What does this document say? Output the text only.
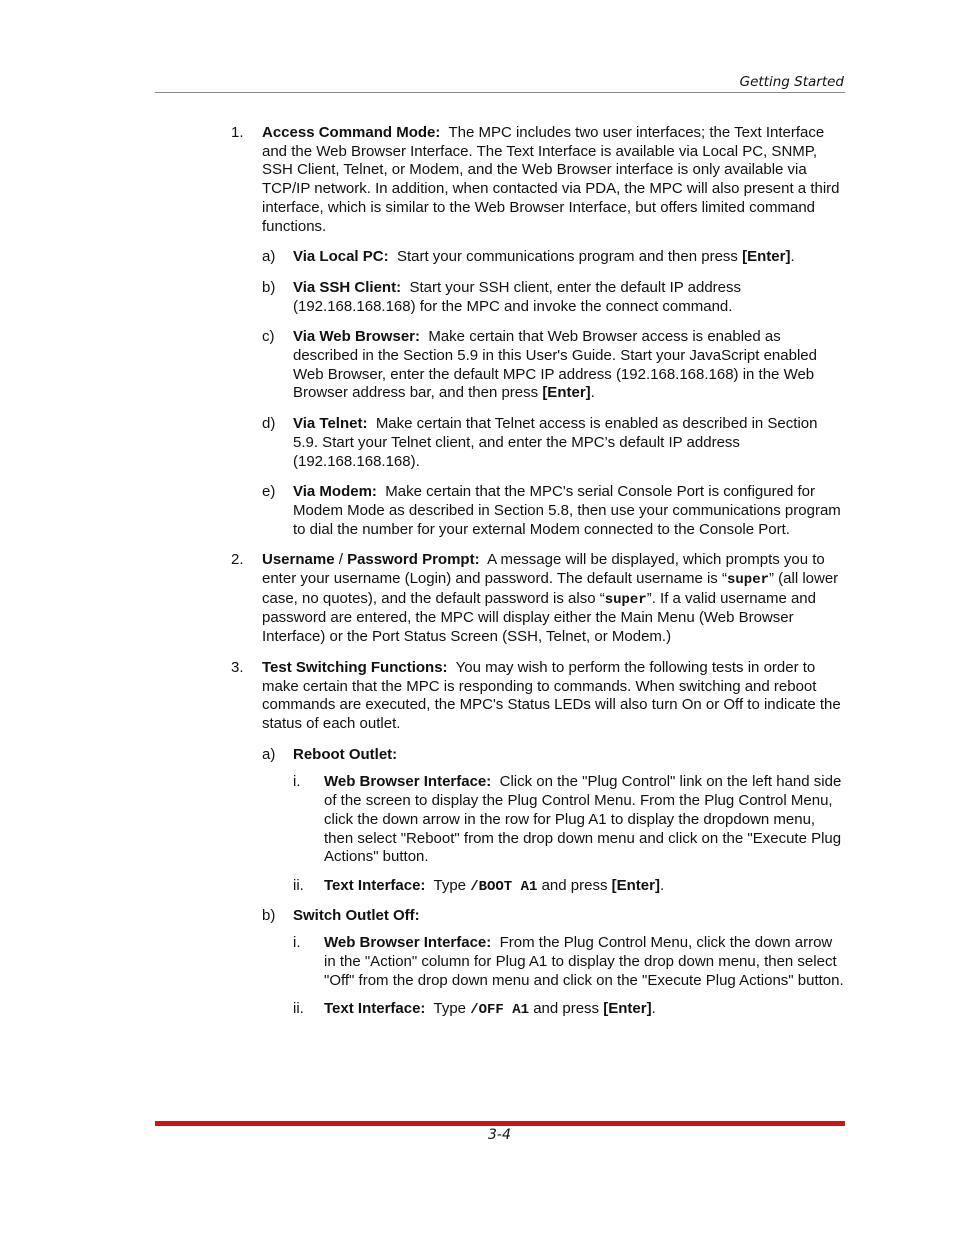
Getting Started
1. Access Command Mode: The MPC includes two user interfaces; the Text Interface and the Web Browser Interface. The Text Interface is available via Local PC, SNMP, SSH Client, Telnet, or Modem, and the Web Browser interface is only available via TCP/IP network. In addition, when contacted via PDA, the MPC will also present a third interface, which is similar to the Web Browser Interface, but offers limited command functions.
a) Via Local PC: Start your communications program and then press [Enter].
b) Via SSH Client: Start your SSH client, enter the default IP address (192.168.168.168) for the MPC and invoke the connect command.
c) Via Web Browser: Make certain that Web Browser access is enabled as described in the Section 5.9 in this User's Guide. Start your JavaScript enabled Web Browser, enter the default MPC IP address (192.168.168.168) in the Web Browser address bar, and then press [Enter].
d) Via Telnet: Make certain that Telnet access is enabled as described in Section 5.9. Start your Telnet client, and enter the MPC’s default IP address (192.168.168.168).
e) Via Modem: Make certain that the MPC's serial Console Port is configured for Modem Mode as described in Section 5.8, then use your communications program to dial the number for your external Modem connected to the Console Port.
2. Username / Password Prompt: A message will be displayed, which prompts you to enter your username (Login) and password. The default username is “super” (all lower case, no quotes), and the default password is also “super”. If a valid username and password are entered, the MPC will display either the Main Menu (Web Browser Interface) or the Port Status Screen (SSH, Telnet, or Modem.)
3. Test Switching Functions: You may wish to perform the following tests in order to make certain that the MPC is responding to commands. When switching and reboot commands are executed, the MPC's Status LEDs will also turn On or Off to indicate the status of each outlet.
a) Reboot Outlet:
i. Web Browser Interface: Click on the "Plug Control" link on the left hand side of the screen to display the Plug Control Menu. From the Plug Control Menu, click the down arrow in the row for Plug A1 to display the dropdown menu, then select "Reboot" from the drop down menu and click on the "Execute Plug Actions" button.
ii. Text Interface: Type /BOOT A1 and press [Enter].
b) Switch Outlet Off:
i. Web Browser Interface: From the Plug Control Menu, click the down arrow in the "Action" column for Plug A1 to display the drop down menu, then select "Off" from the drop down menu and click on the "Execute Plug Actions" button.
ii. Text Interface: Type /OFF A1 and press [Enter].
3-4
